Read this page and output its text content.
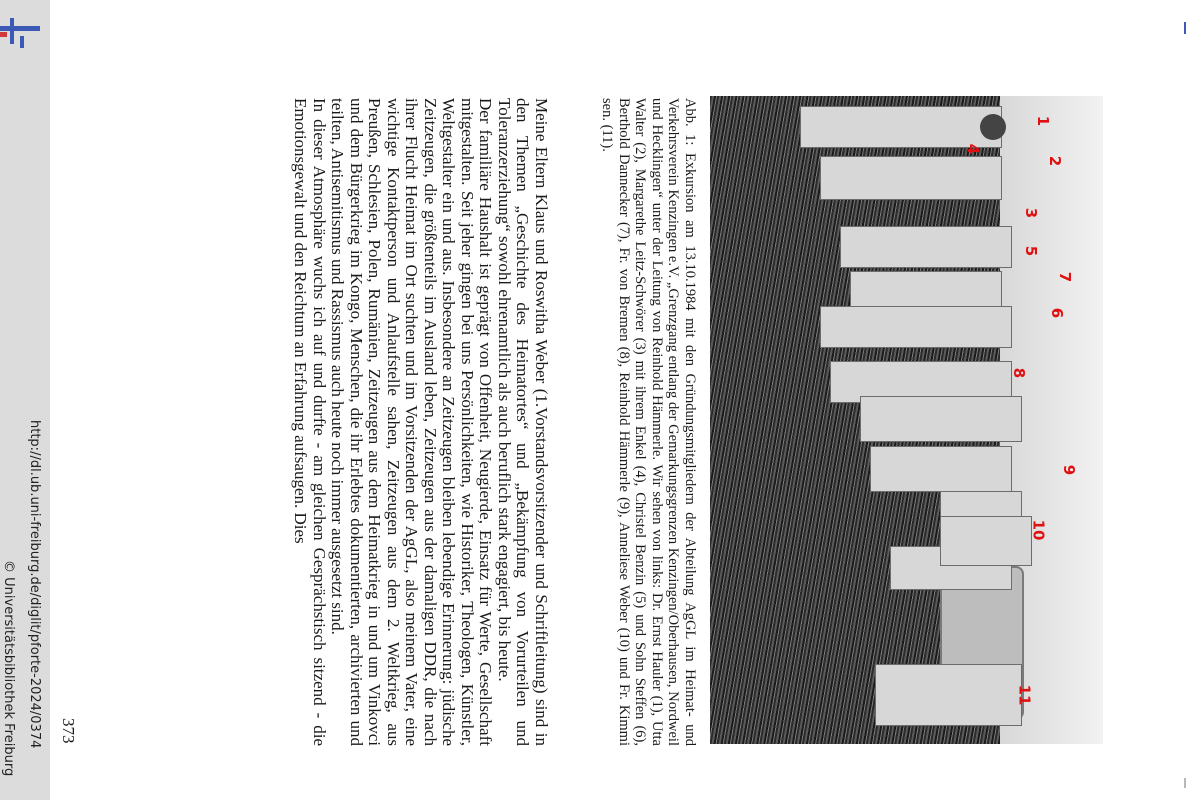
http://dl.ub.uni-freiburg.de/diglit/pforte-2024/0374
© Universitätsbibliothek Freiburg
1
2
3
4
5
6
7
8
9
10
11
Abb. 1: Exkursion am 13.10.1984 mit den Gründungsmitgliedern der Abteilung AgGL im Heimat- und Verkehrsverein Kenzingen e.V. „Grenzgang entlang der Gemarkungsgrenzen Kenzingen/Oberhausen, Nordweil und Hecklingen“ unter der Leitung von Reinhold Hämmerle. Wir sehen von links: Dr. Ernst Hauler (1), Utta Walter (2), Margarethe Leitz-Schwörer (3) mit ihrem Enkel (4), Christel Benzin (5) und Sohn Steffen (6), Berthold Dannecker (7), Fr. von Bremen (8), Reinhold Hämmerle (9), Anneliese Weber (10) und Fr. Kimmi sen. (11).

Meine Eltern Klaus und Roswitha Weber (1.Vorstandsvorsitzender und Schriftleitung) sind in den Themen „Geschichte des Heimatortes“ und „Bekämpfung von Vorurteilen und Toleranzerziehung“ sowohl ehrenamtlich als auch beruflich stark engagiert, bis heute.

Der familiäre Haushalt ist geprägt von Offenheit, Neugierde, Einsatz für Werte, Gesellschaft mitgestalten. Seit jeher gingen bei uns Persönlichkeiten, wie Historiker, Theologen, Künstler, Weltgestalter ein und aus. Insbesondere an Zeitzeugen bleiben lebendige Erinnerung: jüdische Zeitzeugen, die größtenteils im Ausland leben, Zeitzeugen aus der damaligen DDR, die nach ihrer Flucht Heimat im Ort suchten und im Vorsitzenden der AgGL, also meinem Vater, eine wichtige Kontaktperson und Anlaufstelle sahen, Zeitzeugen aus dem 2. Weltkrieg, aus Preußen, Schlesien, Polen, Rumänien, Zeitzeugen aus dem Heimatkrieg in und um Vinkovci und dem Bürgerkrieg im Kongo, Menschen, die ihr Erlebtes dokumentierten, archivierten und teilten, Antisemitismus und Rassismus auch heute noch immer ausgesetzt sind.

In dieser Atmosphäre wuchs ich auf und durfte - am gleichen Gesprächstisch sitzend - die Emotionsgewalt und den Reichtum an Erfahrung aufsaugen. Dies

373
